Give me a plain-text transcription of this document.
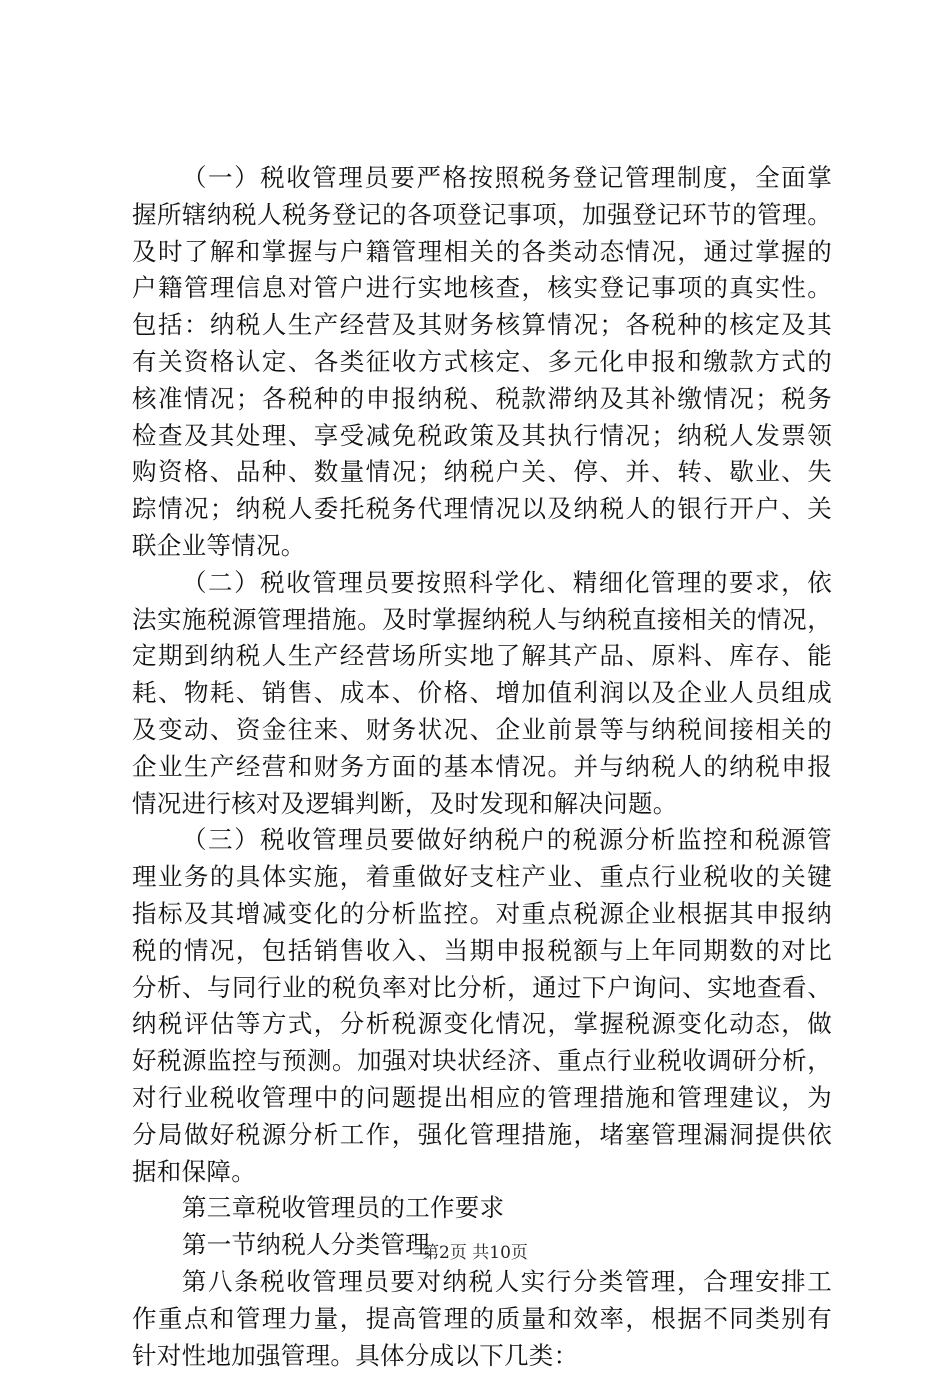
（一）税收管理员要严格按照税务登记管理制度，全面掌
握所辖纳税人税务登记的各项登记事项，加强登记环节的管理。
及时了解和掌握与户籍管理相关的各类动态情况，通过掌握的
户籍管理信息对管户进行实地核查，核实登记事项的真实性。
包括：纳税人生产经营及其财务核算情况；各税种的核定及其
有关资格认定、各类征收方式核定、多元化申报和缴款方式的
核准情况；各税种的申报纳税、税款滞纳及其补缴情况；税务
检查及其处理、享受减免税政策及其执行情况；纳税人发票领
购资格、品种、数量情况；纳税户关、停、并、转、歇业、失
踪情况；纳税人委托税务代理情况以及纳税人的银行开户、关
联企业等情况。
（二）税收管理员要按照科学化、精细化管理的要求，依
法实施税源管理措施。及时掌握纳税人与纳税直接相关的情况，
定期到纳税人生产经营场所实地了解其产品、原料、库存、能
耗、物耗、销售、成本、价格、增加值利润以及企业人员组成
及变动、资金往来、财务状况、企业前景等与纳税间接相关的
企业生产经营和财务方面的基本情况。并与纳税人的纳税申报
情况进行核对及逻辑判断，及时发现和解决问题。
（三）税收管理员要做好纳税户的税源分析监控和税源管
理业务的具体实施，着重做好支柱产业、重点行业税收的关键
指标及其增减变化的分析监控。对重点税源企业根据其申报纳
税的情况，包括销售收入、当期申报税额与上年同期数的对比
分析、与同行业的税负率对比分析，通过下户询问、实地查看、
纳税评估等方式，分析税源变化情况，掌握税源变化动态，做
好税源监控与预测。加强对块状经济、重点行业税收调研分析，
对行业税收管理中的问题提出相应的管理措施和管理建议，为
分局做好税源分析工作，强化管理措施，堵塞管理漏洞提供依
据和保障。
第三章税收管理员的工作要求
第一节纳税人分类管理
第八条税收管理员要对纳税人实行分类管理，合理安排工
作重点和管理力量，提高管理的质量和效率，根据不同类别有
针对性地加强管理。具体分成以下几类：
第2页 共10页
